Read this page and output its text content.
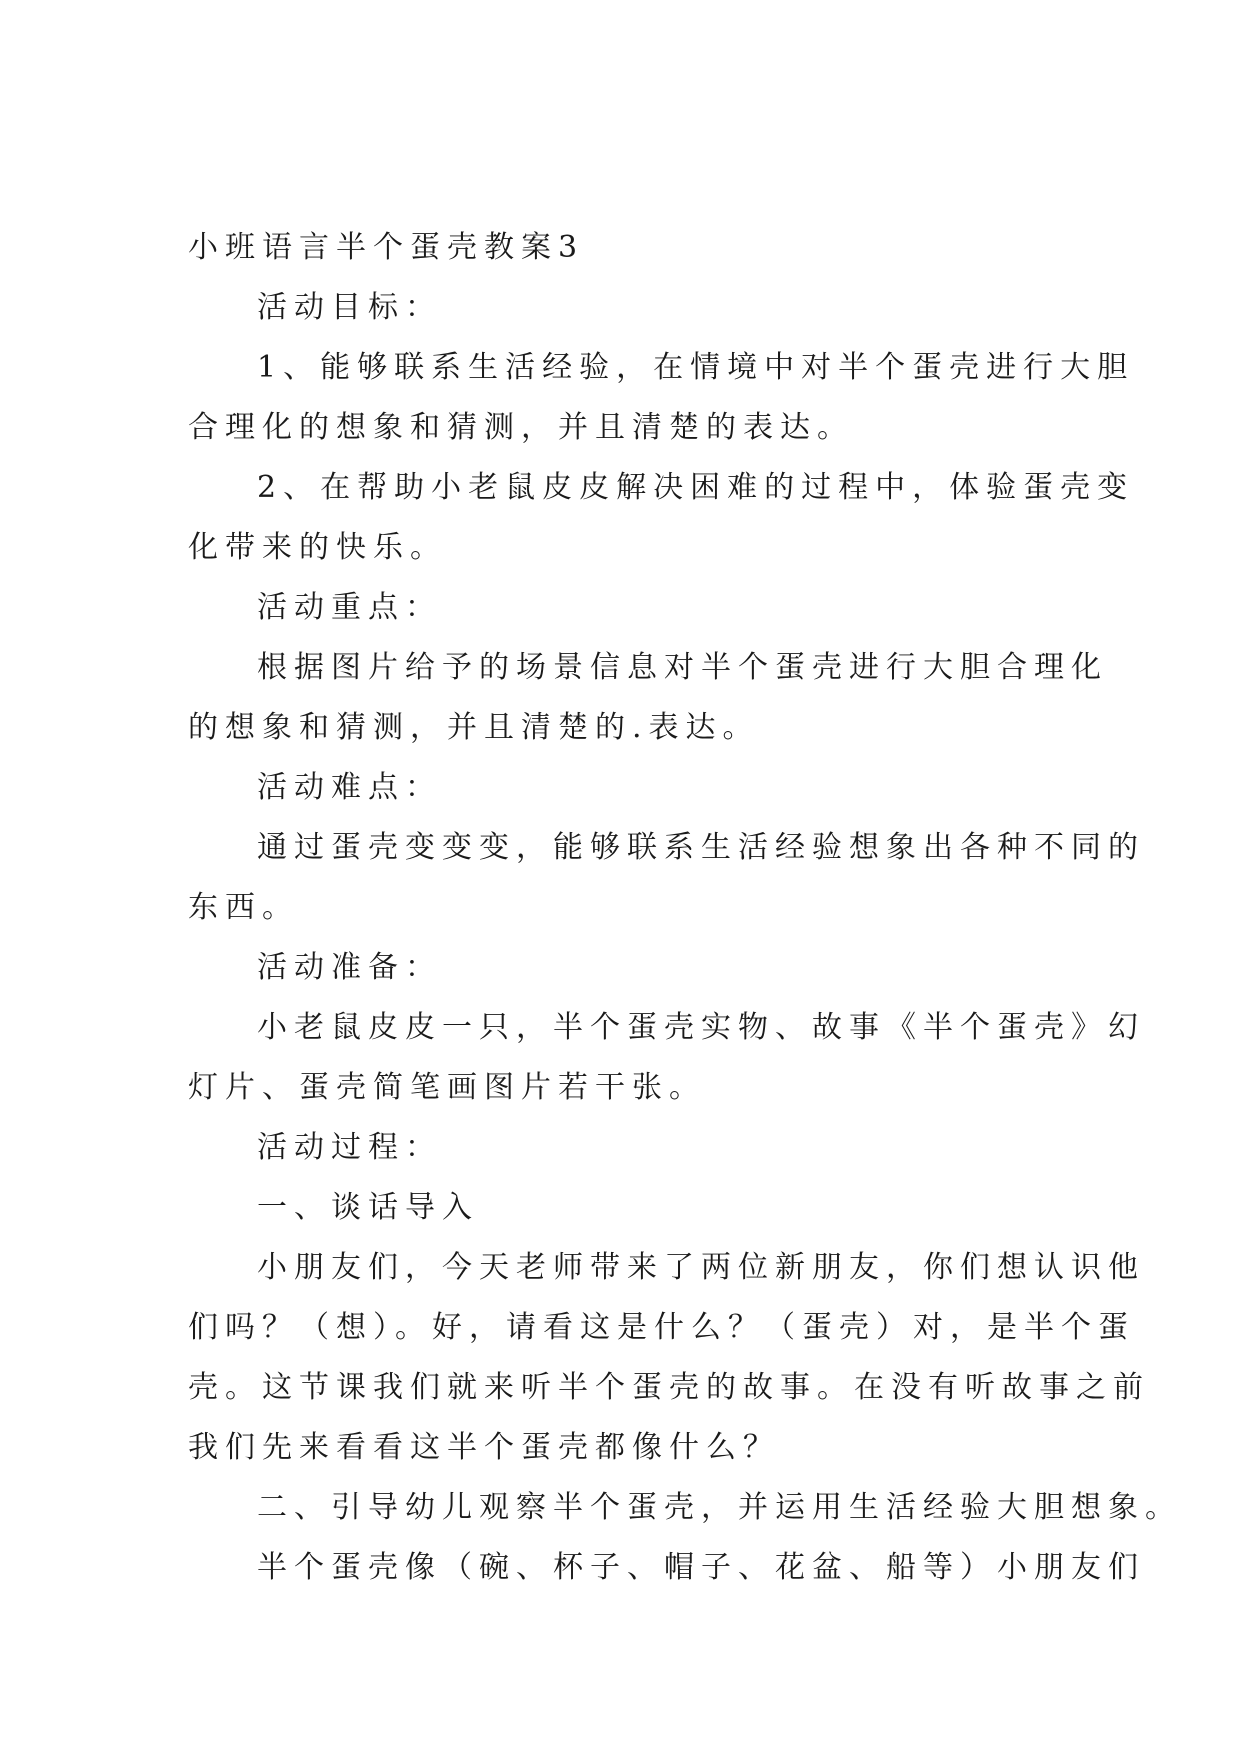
小班语言半个蛋壳教案3

活动目标：

1、能够联系生活经验，在情境中对半个蛋壳进行大胆

合理化的想象和猜测，并且清楚的表达。

2、在帮助小老鼠皮皮解决困难的过程中，体验蛋壳变

化带来的快乐。

活动重点：

根据图片给予的场景信息对半个蛋壳进行大胆合理化

的想象和猜测，并且清楚的.表达。

活动难点：

通过蛋壳变变变，能够联系生活经验想象出各种不同的

东西。

活动准备：

小老鼠皮皮一只，半个蛋壳实物、故事《半个蛋壳》幻

灯片、蛋壳简笔画图片若干张。

活动过程：

一、谈话导入

小朋友们，今天老师带来了两位新朋友，你们想认识他

们吗？（想）。好，请看这是什么？（蛋壳）对，是半个蛋

壳。这节课我们就来听半个蛋壳的故事。在没有听故事之前

我们先来看看这半个蛋壳都像什么？

二、引导幼儿观察半个蛋壳，并运用生活经验大胆想象。

半个蛋壳像（碗、杯子、帽子、花盆、船等）小朋友们
